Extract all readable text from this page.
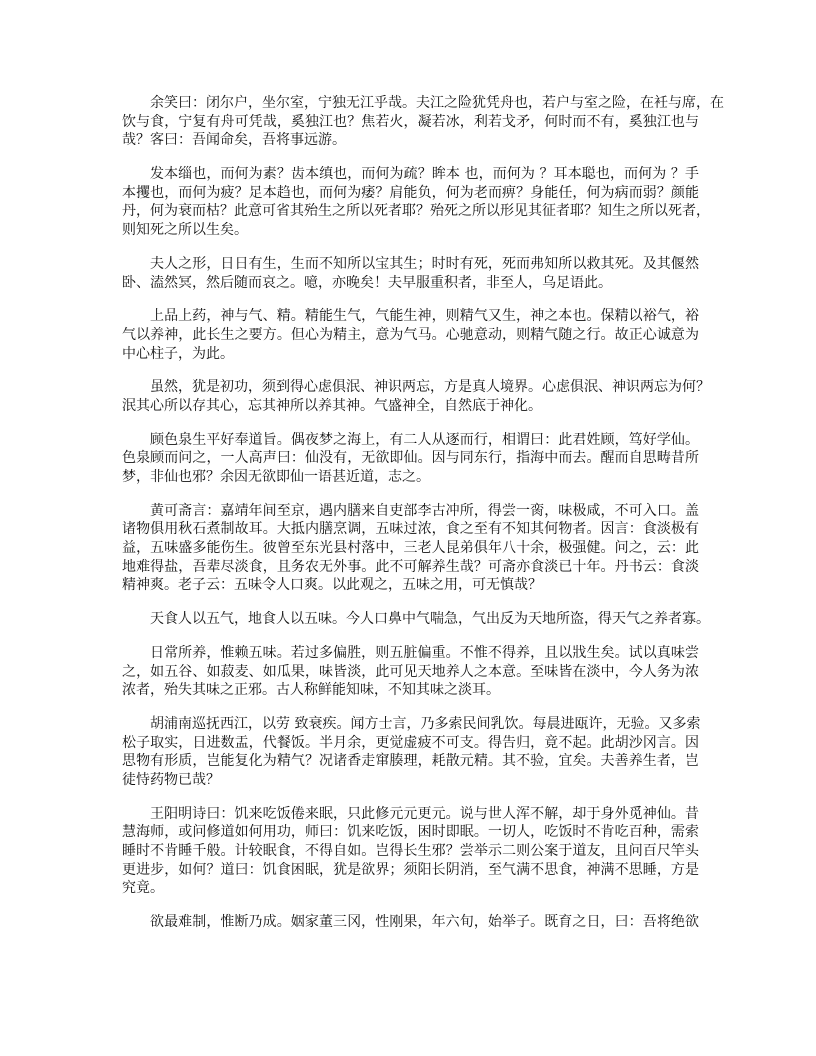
余笑曰：闭尔户，坐尔室，宁独无江乎哉。夫江之险犹凭舟也，若户与室之险，在衽与席，在
饮与食，宁复有舟可凭哉，奚独江也？焦若火，凝若冰，利若戈矛，何时而不有，奚独江也与
哉？客曰：吾闻命矣，吾将事远游。
发本缁也，而何为素？齿本缜也，而何为疏？眸本 也，而何为 ？耳本聪也，而何为 ？手
本攫也，而何为疲？足本趋也，而何为痿？肩能负，何为老而痹？身能任，何为病而弱？颜能
丹，何为衰而枯？此意可省其殆生之所以死者耶？殆死之所以形见其征者耶？知生之所以死者，
则知死之所以生矣。
夫人之形，日日有生，生而不知所以宝其生；时时有死，死而弗知所以救其死。及其偃然
卧、溘然冥，然后随而哀之。噫，亦晚矣！夫早服重积者，非至人，乌足语此。
上品上药，神与气、精。精能生气，气能生神，则精气又生，神之本也。保精以裕气，裕
气以养神，此长生之要方。但心为精主，意为气马。心驰意动，则精气随之行。故正心诚意为
中心柱子，为此。
虽然，犹是初功，须到得心虑俱泯、神识两忘，方是真人境界。心虑俱泯、神识两忘为何？
泯其心所以存其心，忘其神所以养其神。气盛神全，自然底于神化。
顾色泉生平好奉道旨。偶夜梦之海上，有二人从逐而行，相谓曰：此君姓顾，笃好学仙。
色泉顾而问之，一人高声曰：仙没有，无欲即仙。因与同东行，指海中而去。醒而自思畴昔所
梦，非仙也邪？余因无欲即仙一语甚近道，志之。
黄可斋言：嘉靖年间至京，遇内膳来自吏部李古冲所，得尝一脔，味极咸，不可入口。盖
诸物俱用秋石煮制故耳。大抵内膳烹调，五味过浓，食之至有不知其何物者。因言：食淡极有
益，五味盛多能伤生。彼曾至东光县村落中，三老人昆弟俱年八十余，极强健。问之，云：此
地难得盐，吾辈尽淡食，且务农无外事。此不可解养生哉？可斋亦食淡已十年。丹书云：食淡
精神爽。老子云：五味令人口爽。以此观之，五味之用，可无慎哉？
天食人以五气，地食人以五味。今人口鼻中气喘急，气出反为天地所盗，得天气之养者寡。
日常所养，惟赖五味。若过多偏胜，则五脏偏重。不惟不得养，且以戕生矣。试以真味尝
之，如五谷、如菽麦、如瓜果，味皆淡，此可见天地养人之本意。至味皆在淡中，今人务为浓
浓者，殆失其味之正邪。古人称鲜能知味，不知其味之淡耳。
胡浦南巡抚西江，以劳 致衰疾。闻方士言，乃多索民间乳饮。每晨进瓯许，无验。又多索
松子取实，日进数盂，代餐饭。半月余，更觉虚疲不可支。得告归，竟不起。此胡沙冈言。因
思物有形质，岂能复化为精气？况诸香走窜腠理，耗散元精。其不验，宜矣。夫善养生者，岂
徒恃药物已哉？
王阳明诗曰：饥来吃饭倦来眠，只此修元元更元。说与世人浑不解，却于身外觅神仙。昔
慧海师，或问修道如何用功，师曰：饥来吃饭，困时即眠。一切人，吃饭时不肯吃百种，需索
睡时不肯睡千般。计较眠食，不得自如。岂得长生邪？尝举示二则公案于道友，且问百尺竿头
更进步，如何？道曰：饥食困眠，犹是欲界；须阳长阴消，至气满不思食，神满不思睡，方是
究竟。
欲最难制，惟断乃成。姻家董三冈，性刚果，年六旬，始举子。既育之日，曰：吾将绝欲
